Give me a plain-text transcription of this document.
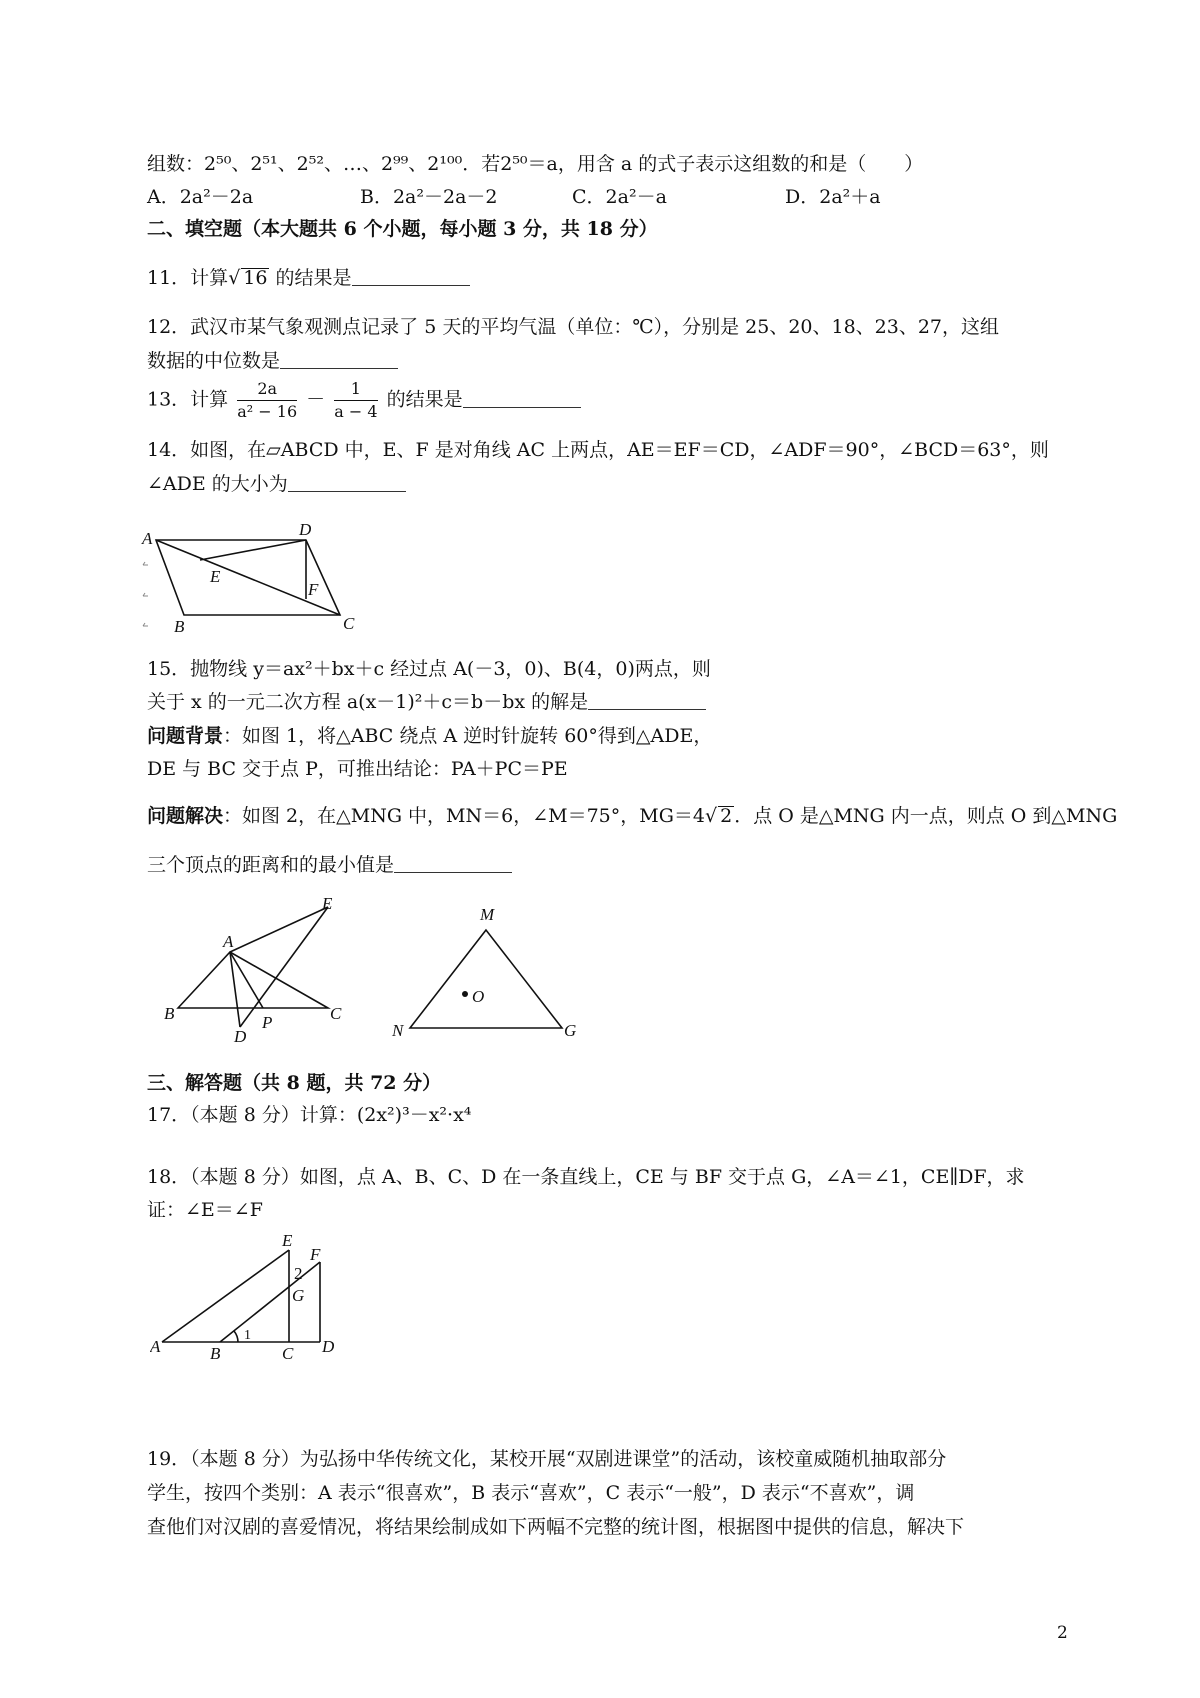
组数：2⁵⁰、2⁵¹、2⁵²、…、2⁹⁹、2¹⁰⁰．若2⁵⁰＝a，用含 a 的式子表示这组数的和是（　　）
A．2a²－2a	B．2a²－2a－2	C．2a²－a	D．2a²＋a
二、填空题（本大题共 6 个小题，每小题 3 分，共 18 分）
11．计算√ 16 的结果是
12．武汉市某气象观测点记录了 5 天的平均气温（单位：℃），分别是 25、20、18、23、27，这组
数据的中位数是
13．计算 $\frac{2a}{\text{a² − 16}} - \frac{1}{a - 4}$ 的结果是
14．如图，在▱ABCD 中，E、F 是对角线 AC 上两点，AE＝EF＝CD，∠ADF＝90°，∠BCD＝63°，则
∠ADE 的大小为
A	D
E
F
B	C
15．抛物线 y＝ax²＋bx＋c 经过点 A(－3，0)、B(4，0)两点，则
关于 x 的一元二次方程 a(x－1)²＋c＝b－bx 的解是
问题背景：如图 1，将△ABC 绕点 A 逆时针旋转 60°得到△ADE，
DE 与 BC 交于点 P，可推出结论：PA＋PC＝PE
问题解决：如图 2，在△MNG 中，MN＝6，∠M＝75°，MG＝4√ 2 ．点 O 是△MNG 内一点，则点 O 到△MNG
三个顶点的距离和的最小值是
E
A
B	C
P
D
M
O
N	G
三、解答题（共 8 题，共 72 分）
17．（本题 8 分）计算：(2x²)³－x²·x⁴
18．（本题 8 分）如图，点 A、B、C、D 在一条直线上，CE 与 BF 交于点 G，∠A＝∠1，CE∥DF，求
证：∠E＝∠F
E
F
2
G
1
A	B	C D
19．（本题 8 分）为弘扬中华传统文化，某校开展“双剧进课堂”的活动，该校童威随机抽取部分
学生，按四个类别：A 表示“很喜欢”，B 表示“喜欢”，C 表示“一般”，D 表示“不喜欢”，调
查他们对汉剧的喜爱情况，将结果绘制成如下两幅不完整的统计图，根据图中提供的信息，解决下
2
